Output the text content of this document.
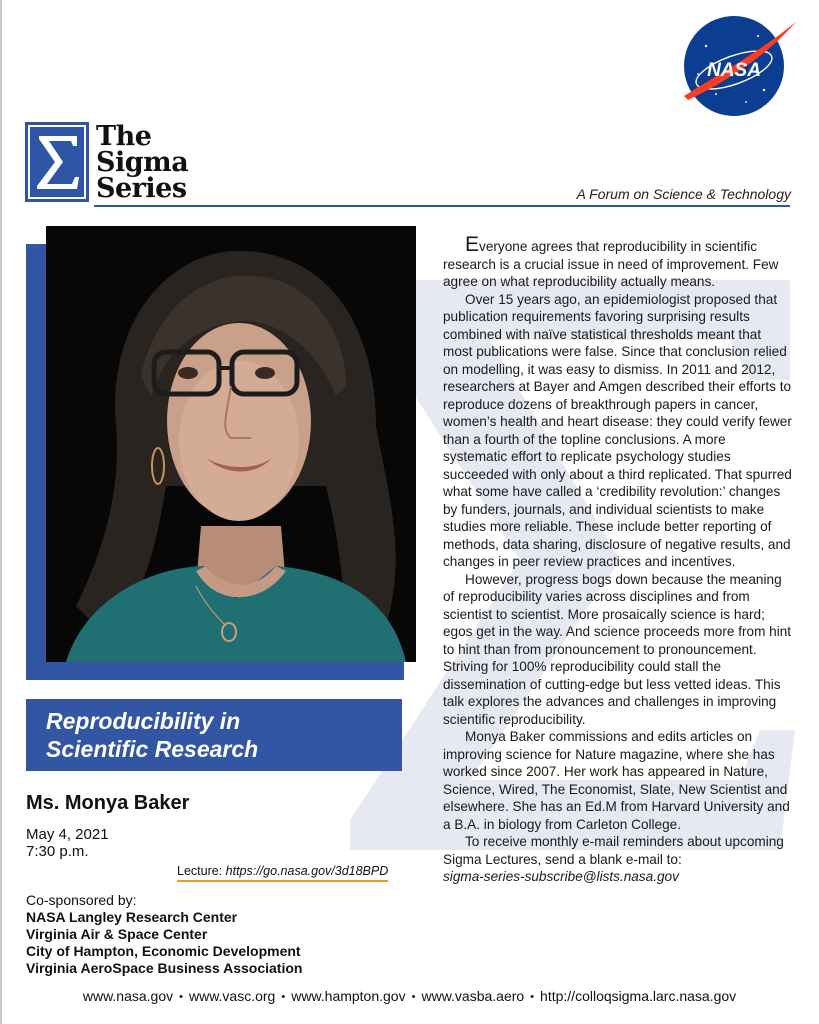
NASA
The
Sigma
Series	A Forum on Science & Technology
Reproducibility in
Scientific Research
Ms. Monya Baker
May 4, 2021
7:30 p.m.
Lecture: https://go.nasa.gov/3d18BPD
Co-sponsored by:
NASA Langley Research Center
Virginia Air & Space Center
City of Hampton, Economic Development
Virginia AeroSpace Business Association

Everyone agrees that reproducibility in scientific research is a crucial issue in need of improvement. Few agree on what reproducibility actually means.

Over 15 years ago, an epidemiologist proposed that publication requirements favoring surprising results combined with naïve statistical thresholds meant that most publications were false. Since that conclusion relied on modelling, it was easy to dismiss. In 2011 and 2012, researchers at Bayer and Amgen described their efforts to reproduce dozens of breakthrough papers in cancer, women’s health and heart disease: they could verify fewer than a fourth of the topline conclusions. A more systematic effort to replicate psychology studies succeeded with only about a third replicated. That spurred what some have called a ‘credibility revolution:’ changes by funders, journals, and individual scientists to make studies more reliable. These include better reporting of methods, data sharing, disclosure of negative results, and changes in peer review practices and incentives.

However, progress bogs down because the meaning of reproducibility varies across disciplines and from scientist to scientist. More prosaically science is hard; egos get in the way. And science proceeds more from hint to hint than from pronouncement to pronouncement. Striving for 100% reproducibility could stall the dissemination of cutting-edge but less vetted ideas. This talk explores the advances and challenges in improving scientific reproducibility.

Monya Baker commissions and edits articles on improving science for Nature magazine, where she has worked since 2007. Her work has appeared in Nature, Science, Wired, The Economist, Slate, New Scientist and elsewhere. She has an Ed.M from Harvard University and a B.A. in biology from Carleton College.

To receive monthly e-mail reminders about upcoming Sigma Lectures, send a blank e-mail to:
sigma-series-subscribe@lists.nasa.gov

www.nasa.gov • www.vasc.org • www.hampton.gov • www.vasba.aero • http://colloqsigma.larc.nasa.gov
